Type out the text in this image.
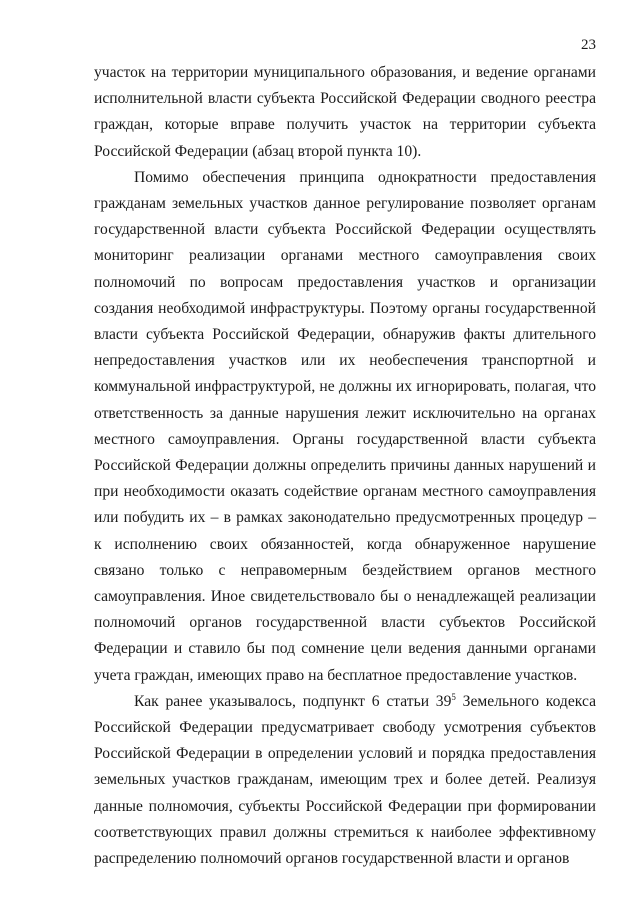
23

участок на территории муниципального образования, и ведение органами исполнительной власти субъекта Российской Федерации сводного реестра граждан, которые вправе получить участок на территории субъекта Российской Федерации (абзац второй пункта 10).

Помимо обеспечения принципа однократности предоставления гражданам земельных участков данное регулирование позволяет органам государственной власти субъекта Российской Федерации осуществлять мониторинг реализации органами местного самоуправления своих полномочий по вопросам предоставления участков и организации создания необходимой инфраструктуры. Поэтому органы государственной власти субъекта Российской Федерации, обнаружив факты длительного непредоставления участков или их необеспечения транспортной и коммунальной инфраструктурой, не должны их игнорировать, полагая, что ответственность за данные нарушения лежит исключительно на органах местного самоуправления. Органы государственной власти субъекта Российской Федерации должны определить причины данных нарушений и при необходимости оказать содействие органам местного самоуправления или побудить их – в рамках законодательно предусмотренных процедур – к исполнению своих обязанностей, когда обнаруженное нарушение связано только с неправомерным бездействием органов местного самоуправления. Иное свидетельствовало бы о ненадлежащей реализации полномочий органов государственной власти субъектов Российской Федерации и ставило бы под сомнение цели ведения данными органами учета граждан, имеющих право на бесплатное предоставление участков.

Как ранее указывалось, подпункт 6 статьи $39^5$ Земельного кодекса Российской Федерации предусматривает свободу усмотрения субъектов Российской Федерации в определении условий и порядка предоставления земельных участков гражданам, имеющим трех и более детей. Реализуя данные полномочия, субъекты Российской Федерации при формировании соответствующих правил должны стремиться к наиболее эффективному распределению полномочий органов государственной власти и органов
